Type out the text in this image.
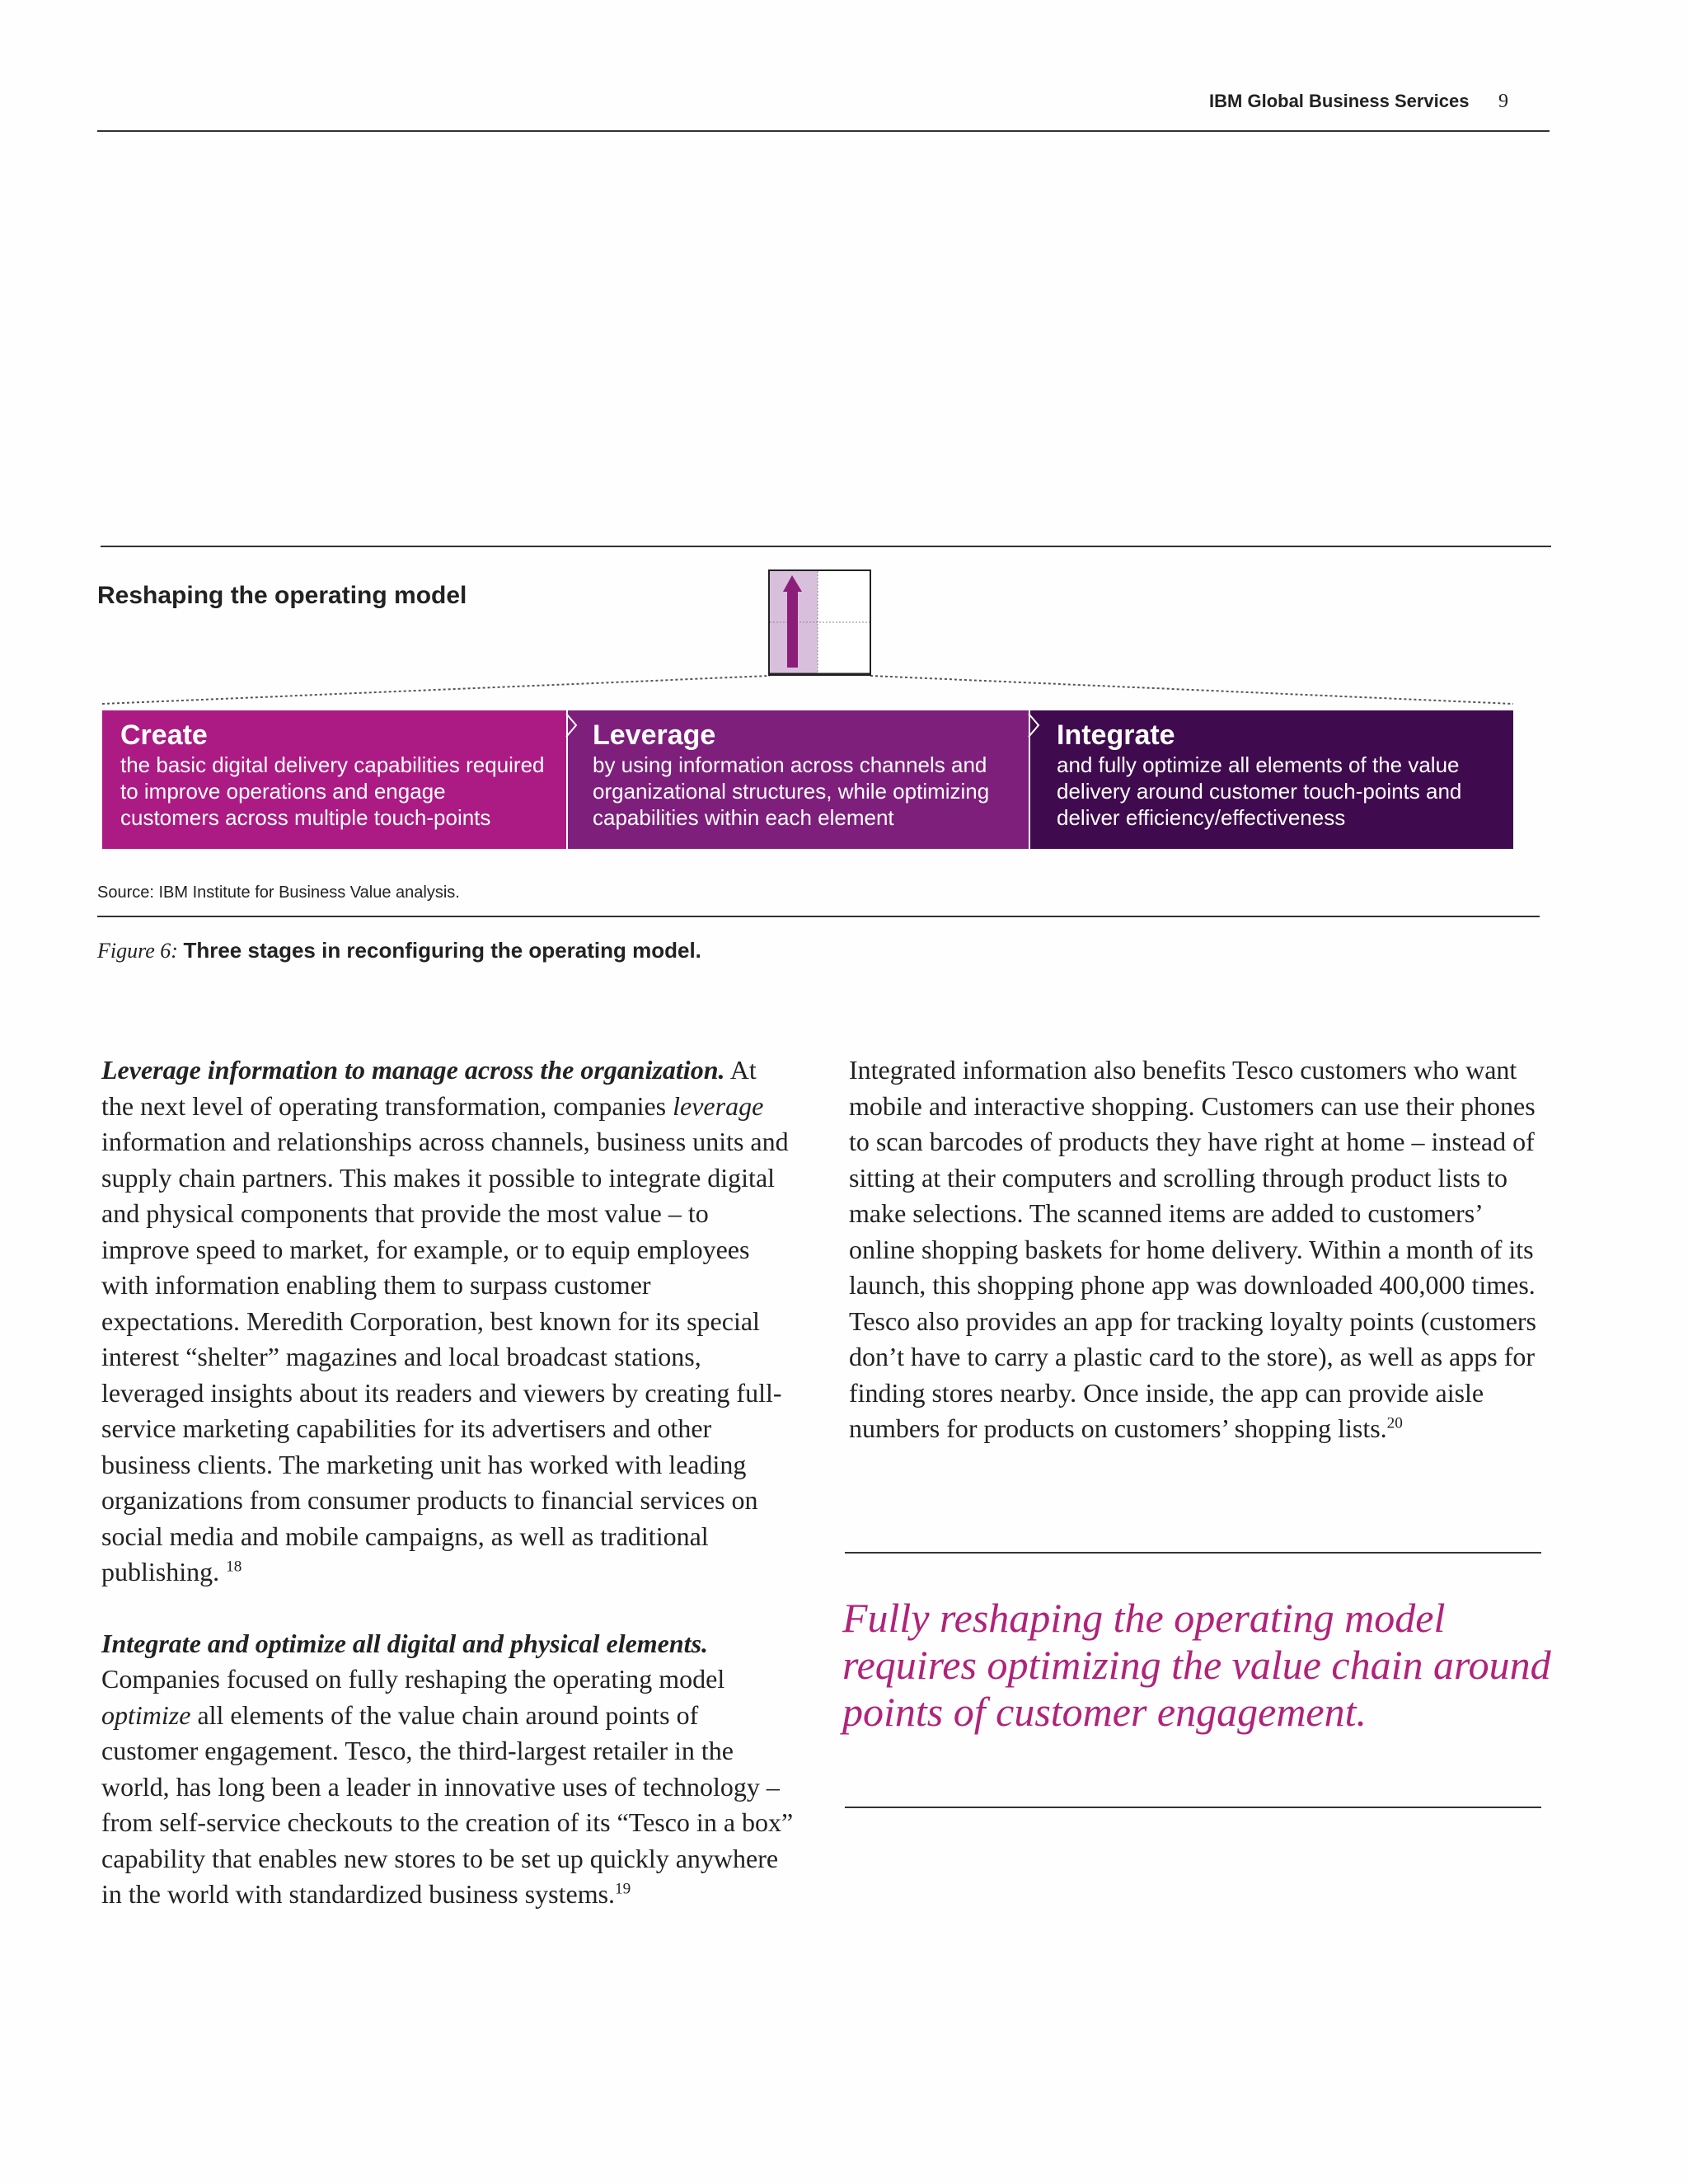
IBM Global Business Services 9
Reshaping the operating model
Create
the basic digital delivery capabilities required to improve operations and engage customers across multiple touch-points
Leverage
by using information across channels and organizational structures, while optimizing capabilities within each element
Integrate
and fully optimize all elements of the value delivery around customer touch-points and deliver efficiency/effectiveness
Source: IBM Institute for Business Value analysis.
Figure 6: Three stages in reconfiguring the operating model.

Leverage information to manage across the organization. At the next level of operating transformation, companies leverage information and relationships across channels, business units and supply chain partners. This makes it possible to integrate digital and physical components that provide the most value – to improve speed to market, for example, or to equip employees with information enabling them to surpass customer expectations. Meredith Corporation, best known for its special interest “shelter” magazines and local broadcast stations, leveraged insights about its readers and viewers by creating full-service marketing capabilities for its advertisers and other business clients. The marketing unit has worked with leading organizations from consumer products to financial services on social media and mobile campaigns, as well as traditional publishing. $^{18}$

Integrate and optimize all digital and physical elements. Companies focused on fully reshaping the operating model optimize all elements of the value chain around points of customer engagement. Tesco, the third-largest retailer in the world, has long been a leader in innovative uses of technology – from self-service checkouts to the creation of its “Tesco in a box” capability that enables new stores to be set up quickly anywhere in the world with standardized business systems.$^{19}$

Integrated information also benefits Tesco customers who want mobile and interactive shopping. Customers can use their phones to scan barcodes of products they have right at home – instead of sitting at their computers and scrolling through product lists to make selections. The scanned items are added to customers’ online shopping baskets for home delivery. Within a month of its launch, this shopping phone app was downloaded 400,000 times. Tesco also provides an app for tracking loyalty points (customers don’t have to carry a plastic card to the store), as well as apps for finding stores nearby. Once inside, the app can provide aisle numbers for products on customers’ shopping lists.$^{20}$

Fully reshaping the operating model requires optimizing the value chain around points of customer engagement.
